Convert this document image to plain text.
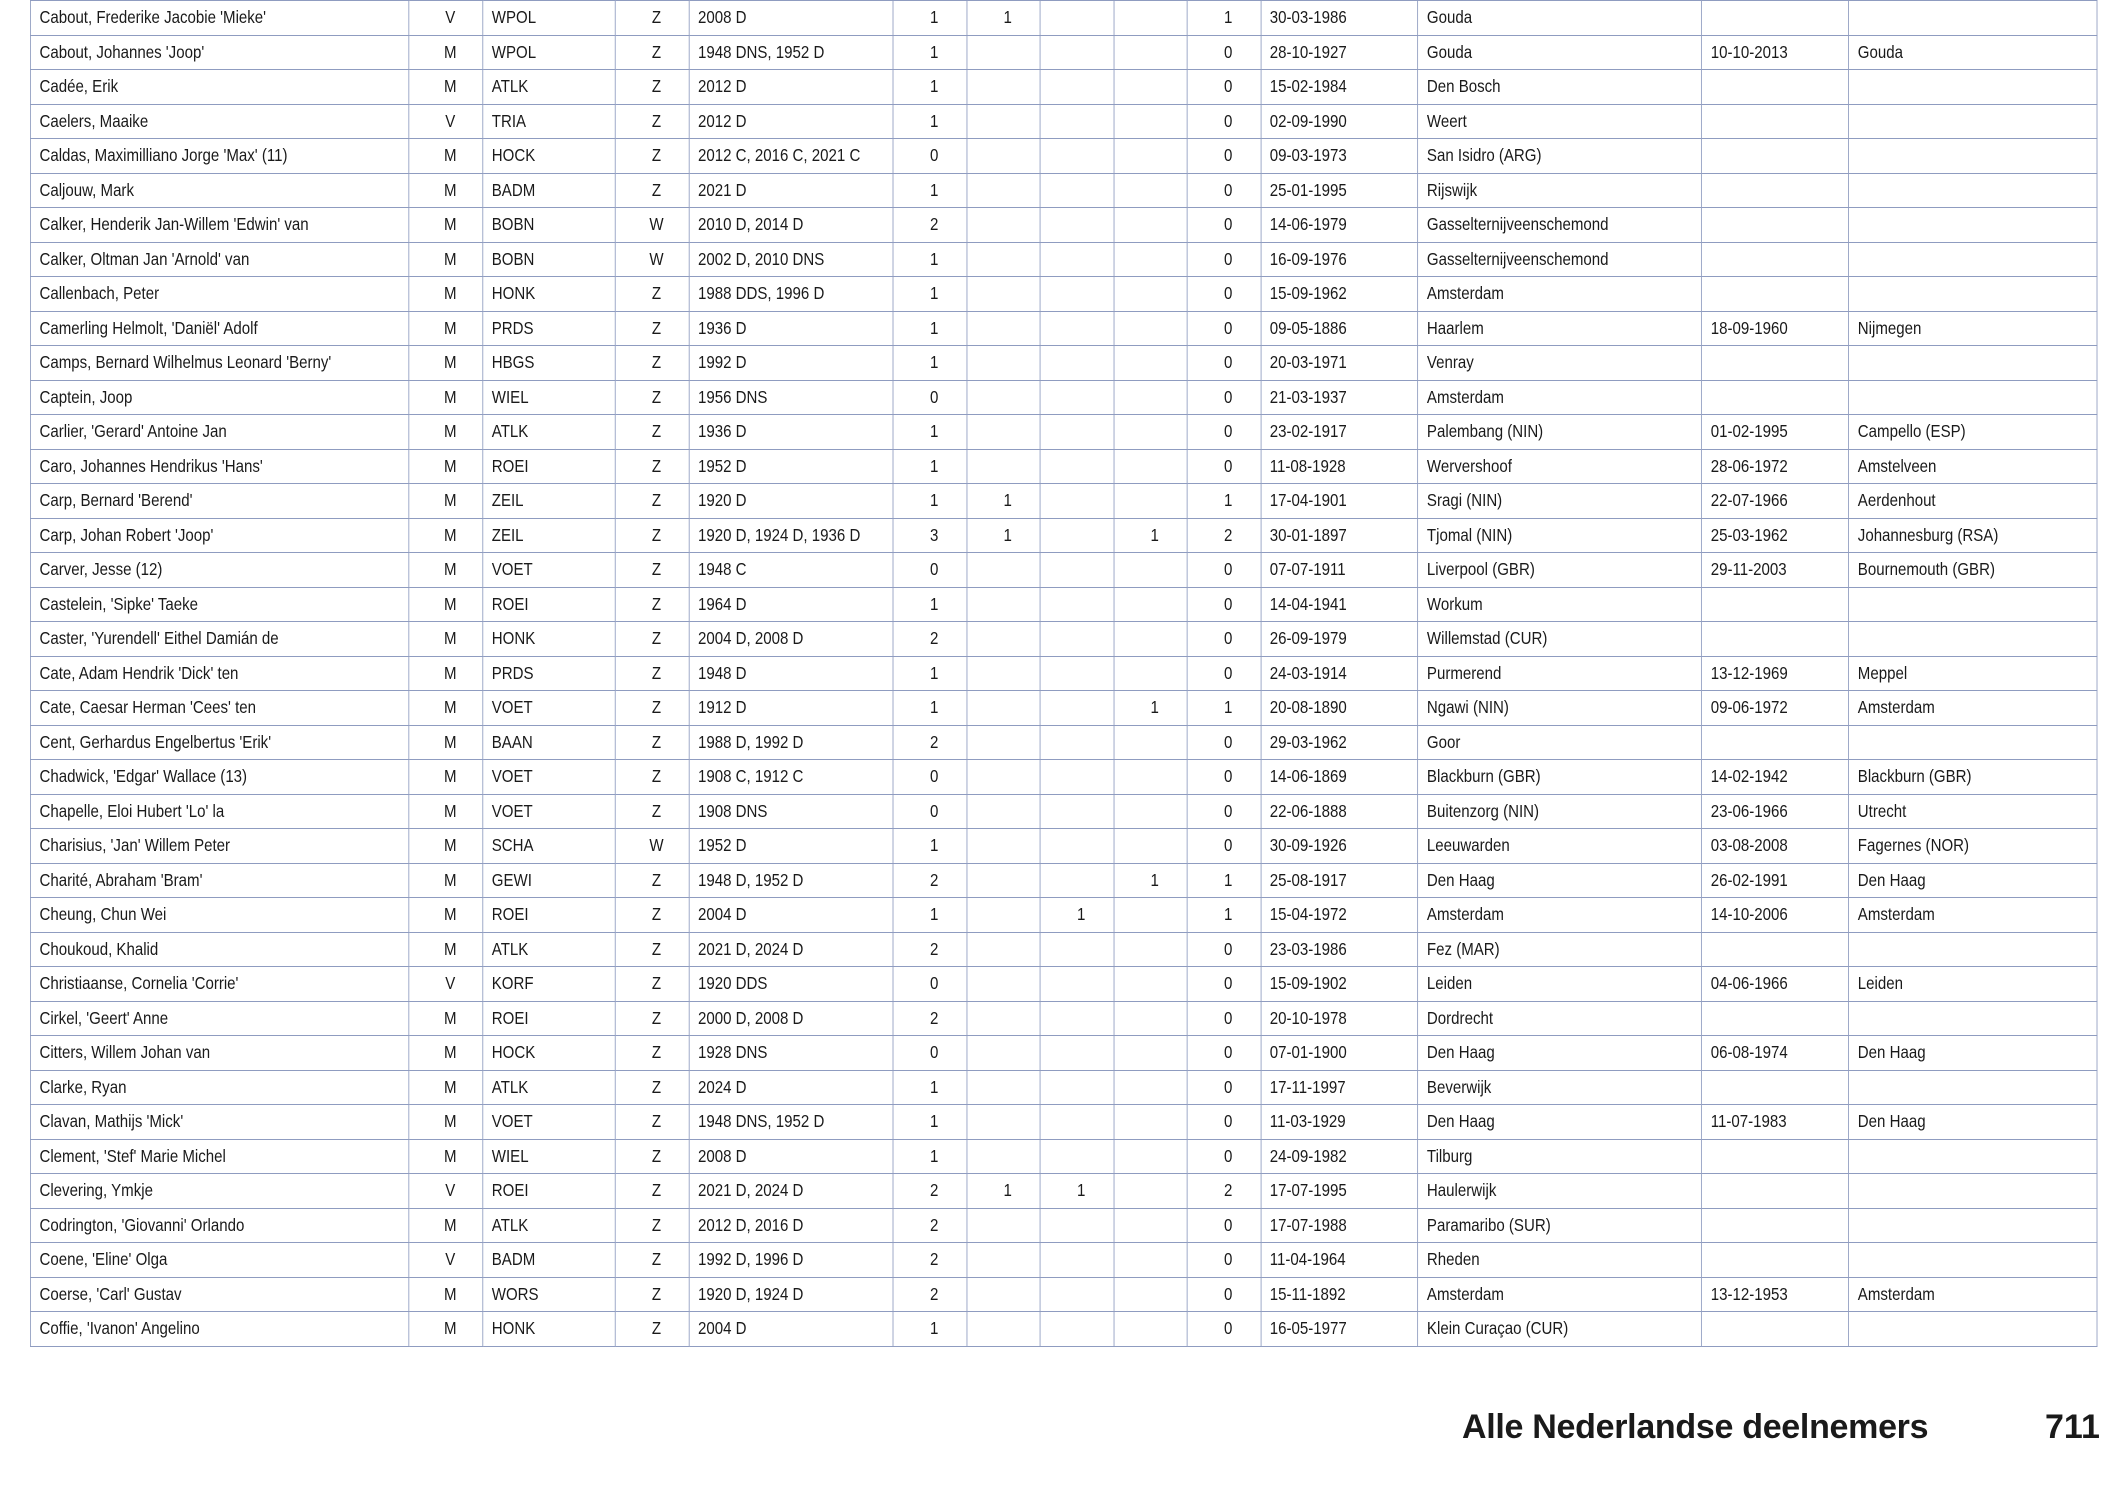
Cabout, Frederike Jacobie 'Mieke'	V	WPOL	Z	2008 D	1	1			1	30-03-1986	Gouda		
Cabout, Johannes 'Joop'	M	WPOL	Z	1948 DNS, 1952 D	1				0	28-10-1927	Gouda	10-10-2013	Gouda
Cadée, Erik	M	ATLK	Z	2012 D	1				0	15-02-1984	Den Bosch		
Caelers, Maaike	V	TRIA	Z	2012 D	1				0	02-09-1990	Weert		
Caldas, Maximilliano Jorge 'Max' (11)	M	HOCK	Z	2012 C, 2016 C, 2021 C	0				0	09-03-1973	San Isidro (ARG)		
Caljouw, Mark	M	BADM	Z	2021 D	1				0	25-01-1995	Rijswijk		
Calker, Henderik Jan-Willem 'Edwin' van	M	BOBN	W	2010 D, 2014 D	2				0	14-06-1979	Gasselternijveenschemond		
Calker, Oltman Jan 'Arnold' van	M	BOBN	W	2002 D, 2010 DNS	1				0	16-09-1976	Gasselternijveenschemond		
Callenbach, Peter	M	HONK	Z	1988 DDS, 1996 D	1				0	15-09-1962	Amsterdam		
Camerling Helmolt, 'Daniël' Adolf	M	PRDS	Z	1936 D	1				0	09-05-1886	Haarlem	18-09-1960	Nijmegen
Camps, Bernard Wilhelmus Leonard 'Berny'	M	HBGS	Z	1992 D	1				0	20-03-1971	Venray		
Captein, Joop	M	WIEL	Z	1956 DNS	0				0	21-03-1937	Amsterdam		
Carlier, 'Gerard' Antoine Jan	M	ATLK	Z	1936 D	1				0	23-02-1917	Palembang (NIN)	01-02-1995	Campello (ESP)
Caro, Johannes Hendrikus 'Hans'	M	ROEI	Z	1952 D	1				0	11-08-1928	Wervershoof	28-06-1972	Amstelveen
Carp, Bernard 'Berend'	M	ZEIL	Z	1920 D	1	1			1	17-04-1901	Sragi (NIN)	22-07-1966	Aerdenhout
Carp, Johan Robert 'Joop'	M	ZEIL	Z	1920 D, 1924 D, 1936 D	3	1		1	2	30-01-1897	Tjomal (NIN)	25-03-1962	Johannesburg (RSA)
Carver, Jesse (12)	M	VOET	Z	1948 C	0				0	07-07-1911	Liverpool (GBR)	29-11-2003	Bournemouth (GBR)
Castelein, 'Sipke' Taeke	M	ROEI	Z	1964 D	1				0	14-04-1941	Workum		
Caster, 'Yurendell' Eithel Damián de	M	HONK	Z	2004 D, 2008 D	2				0	26-09-1979	Willemstad (CUR)		
Cate, Adam Hendrik 'Dick' ten	M	PRDS	Z	1948 D	1				0	24-03-1914	Purmerend	13-12-1969	Meppel
Cate, Caesar Herman 'Cees' ten	M	VOET	Z	1912 D	1			1	1	20-08-1890	Ngawi (NIN)	09-06-1972	Amsterdam
Cent, Gerhardus Engelbertus 'Erik'	M	BAAN	Z	1988 D, 1992 D	2				0	29-03-1962	Goor		
Chadwick, 'Edgar' Wallace (13)	M	VOET	Z	1908 C, 1912 C	0				0	14-06-1869	Blackburn (GBR)	14-02-1942	Blackburn (GBR)
Chapelle, Eloi Hubert 'Lo' la	M	VOET	Z	1908 DNS	0				0	22-06-1888	Buitenzorg (NIN)	23-06-1966	Utrecht
Charisius, 'Jan' Willem Peter	M	SCHA	W	1952 D	1				0	30-09-1926	Leeuwarden	03-08-2008	Fagernes (NOR)
Charité, Abraham 'Bram'	M	GEWI	Z	1948 D, 1952 D	2			1	1	25-08-1917	Den Haag	26-02-1991	Den Haag
Cheung, Chun Wei	M	ROEI	Z	2004 D	1		1		1	15-04-1972	Amsterdam	14-10-2006	Amsterdam
Choukoud, Khalid	M	ATLK	Z	2021 D, 2024 D	2				0	23-03-1986	Fez (MAR)		
Christiaanse, Cornelia 'Corrie'	V	KORF	Z	1920 DDS	0				0	15-09-1902	Leiden	04-06-1966	Leiden
Cirkel, 'Geert' Anne	M	ROEI	Z	2000 D, 2008 D	2				0	20-10-1978	Dordrecht		
Citters, Willem Johan van	M	HOCK	Z	1928 DNS	0				0	07-01-1900	Den Haag	06-08-1974	Den Haag
Clarke, Ryan	M	ATLK	Z	2024 D	1				0	17-11-1997	Beverwijk		
Clavan, Mathijs 'Mick'	M	VOET	Z	1948 DNS, 1952 D	1				0	11-03-1929	Den Haag	11-07-1983	Den Haag
Clement, 'Stef' Marie Michel	M	WIEL	Z	2008 D	1				0	24-09-1982	Tilburg		
Clevering, Ymkje	V	ROEI	Z	2021 D, 2024 D	2	1	1		2	17-07-1995	Haulerwijk		
Codrington, 'Giovanni' Orlando	M	ATLK	Z	2012 D, 2016 D	2				0	17-07-1988	Paramaribo (SUR)		
Coene, 'Eline' Olga	V	BADM	Z	1992 D, 1996 D	2				0	11-04-1964	Rheden		
Coerse, 'Carl' Gustav	M	WORS	Z	1920 D, 1924 D	2				0	15-11-1892	Amsterdam	13-12-1953	Amsterdam
Coffie, 'Ivanon' Angelino	M	HONK	Z	2004 D	1				0	16-05-1977	Klein Curaçao (CUR)		
Alle Nederlandse deelnemers	711
